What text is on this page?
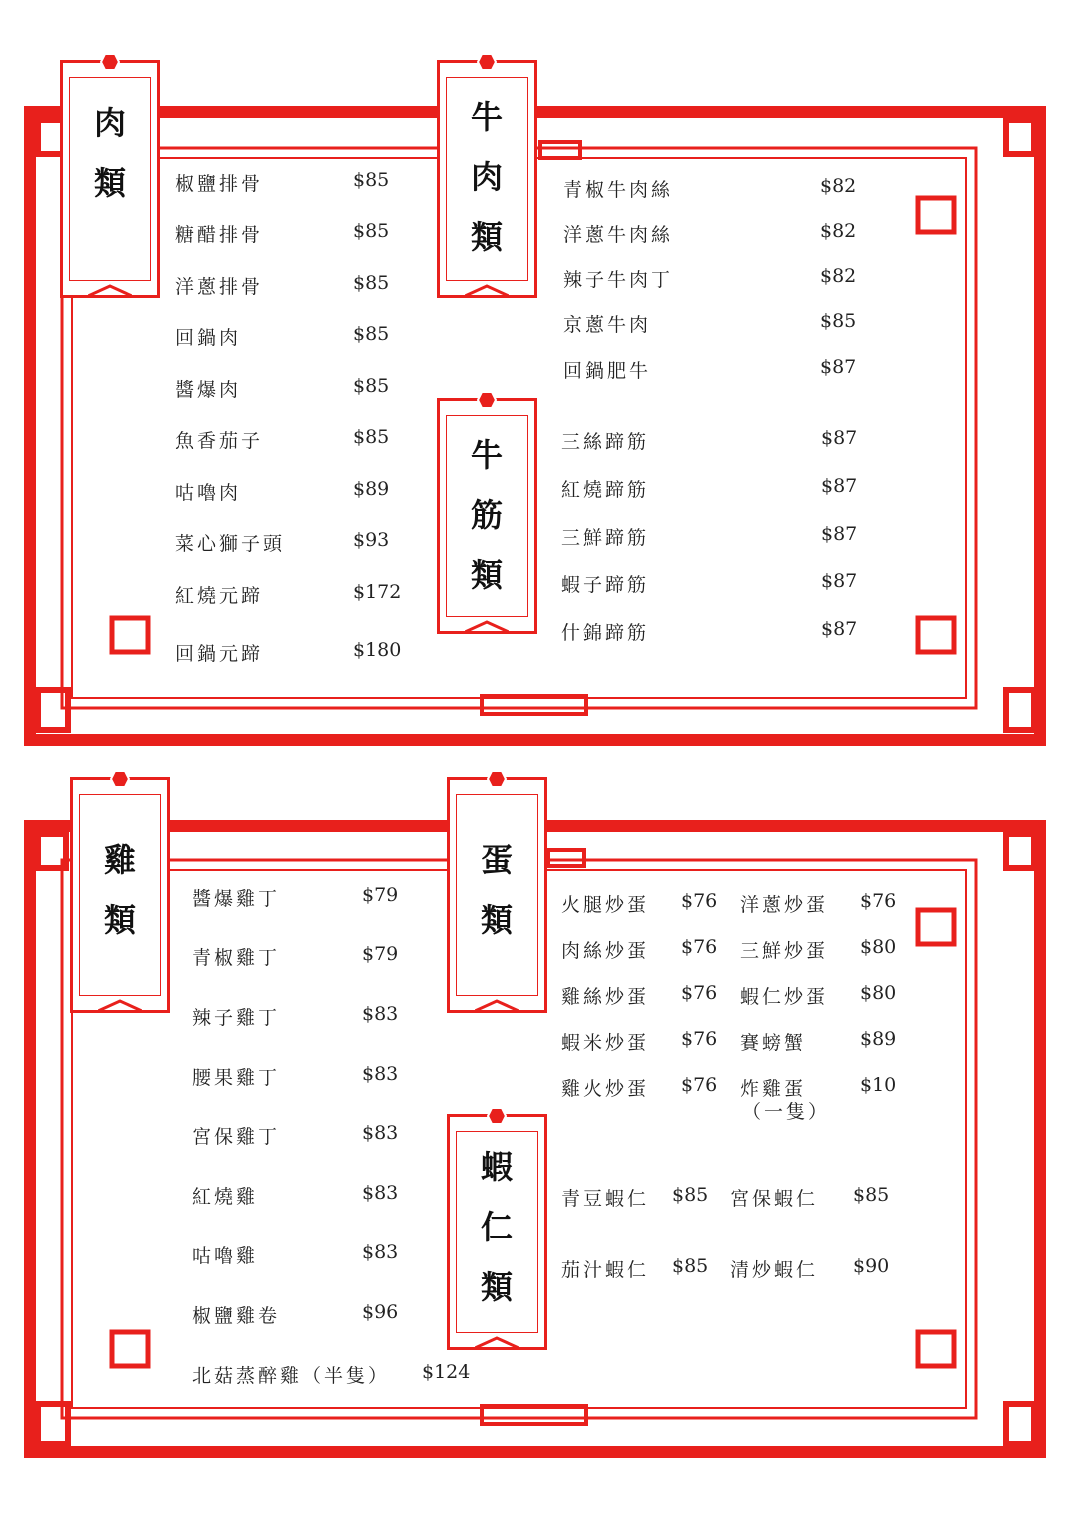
肉
類
牛
肉
類
牛
筋
類
雞
類
蛋
類
蝦
仁
類
椒鹽排骨	$85
糖醋排骨	$85
洋蔥排骨	$85
回鍋肉	$85
醬爆肉	$85
魚香茄子	$85
咕嚕肉	$89
菜心獅子頭	$93
紅燒元蹄	$172
回鍋元蹄	$180
青椒牛肉絲	$82
洋蔥牛肉絲	$82
辣子牛肉丁	$82
京蔥牛肉	$85
回鍋肥牛	$87
三絲蹄筋	$87
紅燒蹄筋	$87
三鮮蹄筋	$87
蝦子蹄筋	$87
什錦蹄筋	$87
醬爆雞丁	$79
青椒雞丁	$79
辣子雞丁	$83
腰果雞丁	$83
宮保雞丁	$83
紅燒雞	$83
咕嚕雞	$83
椒鹽雞卷	$96
北菇蒸醉雞（半隻） $124
火腿炒蛋 $76 洋蔥炒蛋 $76
肉絲炒蛋 $76 三鮮炒蛋 $80
雞絲炒蛋 $76 蝦仁炒蛋 $80
蝦米炒蛋 $76 賽螃蟹	$89
雞火炒蛋 $76 炸雞蛋	$10
（一隻）
青豆蝦仁 $85 宮保蝦仁 $85
茄汁蝦仁 $85 清炒蝦仁 $90
